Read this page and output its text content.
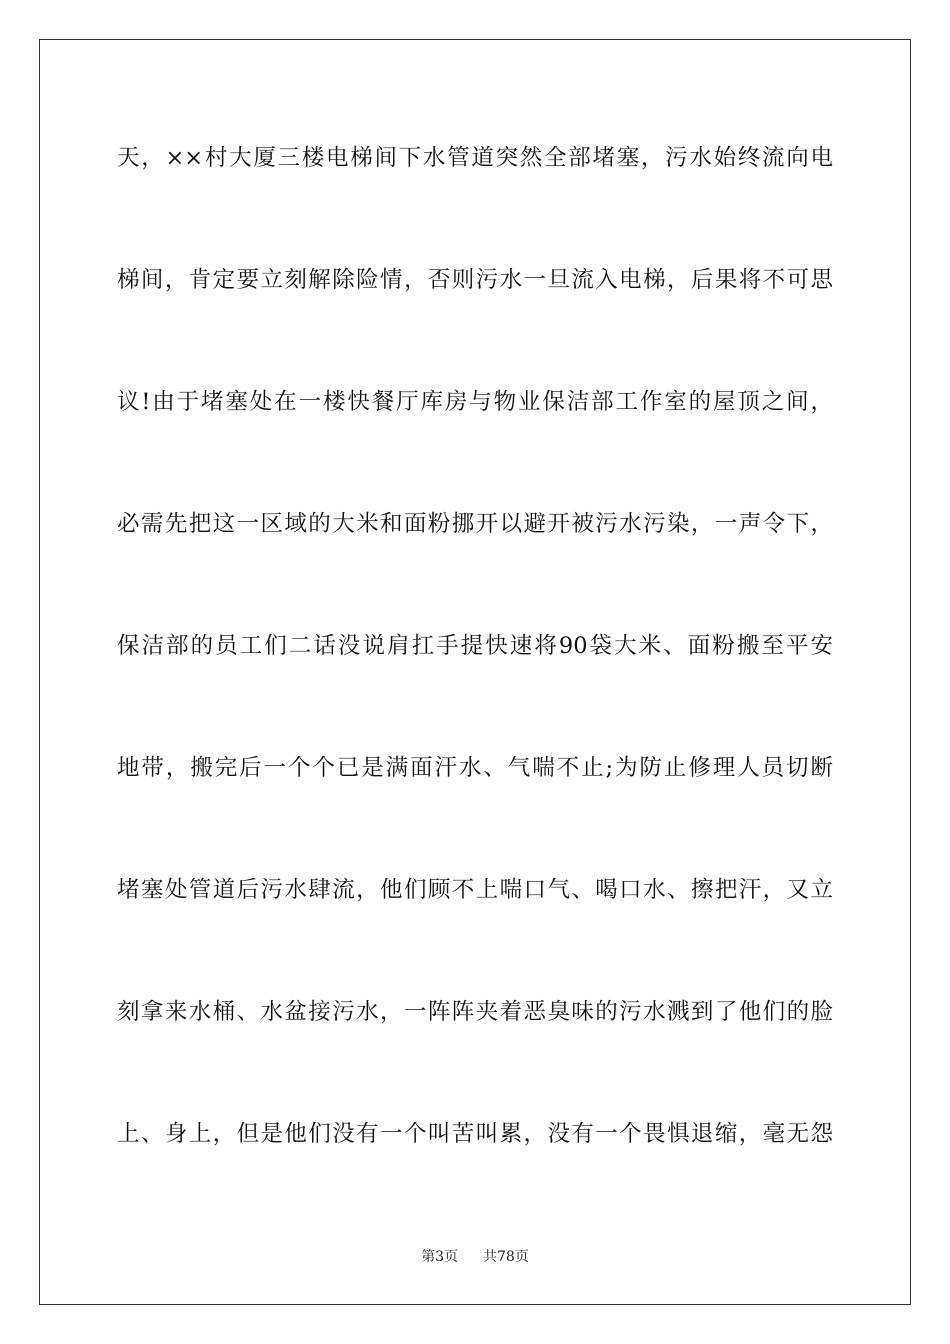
天，××村大厦三楼电梯间下水管道突然全部堵塞，污水始终流向电
梯间，肯定要立刻解除险情，否则污水一旦流入电梯，后果将不可思
议!由于堵塞处在一楼快餐厅库房与物业保洁部工作室的屋顶之间，
必需先把这一区域的大米和面粉挪开以避开被污水污染，一声令下，
保洁部的员工们二话没说肩扛手提快速将90袋大米、面粉搬至平安
地带，搬完后一个个已是满面汗水、气喘不止;为防止修理人员切断
堵塞处管道后污水肆流，他们顾不上喘口气、喝口水、擦把汗，又立
刻拿来水桶、水盆接污水，一阵阵夹着恶臭味的污水溅到了他们的脸
上、身上，但是他们没有一个叫苦叫累，没有一个畏惧退缩，毫无怨
第3页 共78页
